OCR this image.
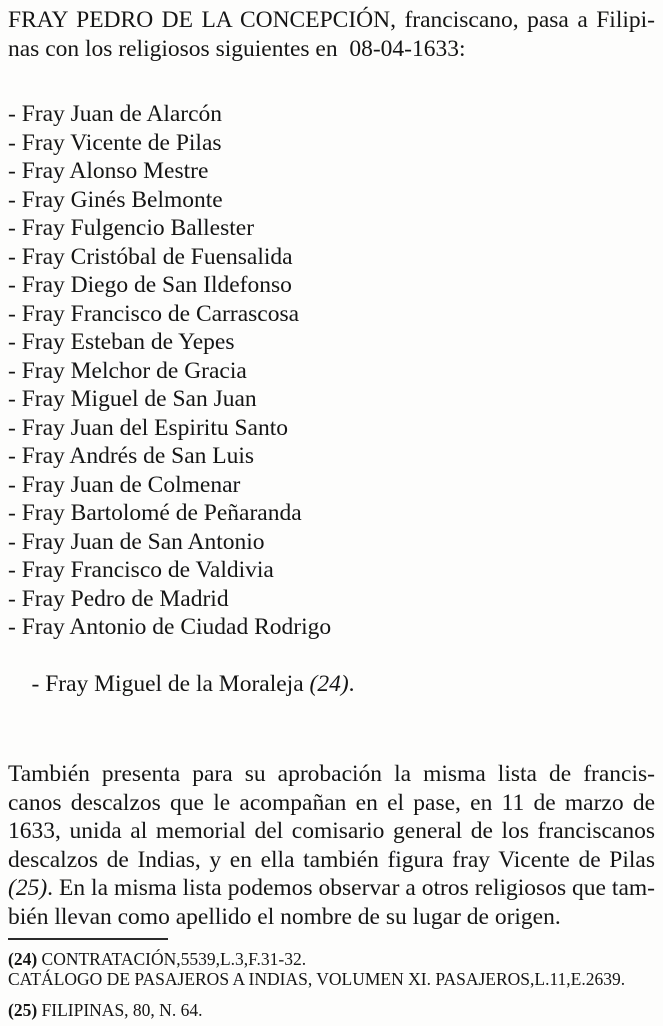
FRAY PEDRO DE LA CONCEPCIÓN, franciscano, pasa a Filipi-
nas con los religiosos siguientes en  08-04-1633:
- Fray Juan de Alarcón
- Fray Vicente de Pilas
- Fray Alonso Mestre
- Fray Ginés Belmonte
- Fray Fulgencio Ballester
- Fray Cristóbal de Fuensalida
- Fray Diego de San Ildefonso
- Fray Francisco de Carrascosa
- Fray Esteban de Yepes
- Fray Melchor de Gracia
- Fray Miguel de San Juan
- Fray Juan del Espiritu Santo
- Fray Andrés de San Luis
- Fray Juan de Colmenar
- Fray Bartolomé de Peñaranda
- Fray Juan de San Antonio
- Fray Francisco de Valdivia
- Fray Pedro de Madrid
- Fray Antonio de Ciudad Rodrigo

- Fray Miguel de la Moraleja (24).

También presenta para su aprobación la misma lista de francis-
canos descalzos que le acompañan en el pase, en 11 de marzo de
1633, unida al memorial del comisario general de los franciscanos
descalzos de Indias, y en ella también figura fray Vicente de Pilas
(25). En la misma lista podemos observar a otros religiosos que tam-
bién llevan como apellido el nombre de su lugar de origen.
(24) CONTRATACIÓN,5539,L.3,F.31-32.
CATÁLOGO DE PASAJEROS A INDIAS, VOLUMEN XI. PASAJEROS,L.11,E.2639.
(25) FILIPINAS, 80, N. 64.
